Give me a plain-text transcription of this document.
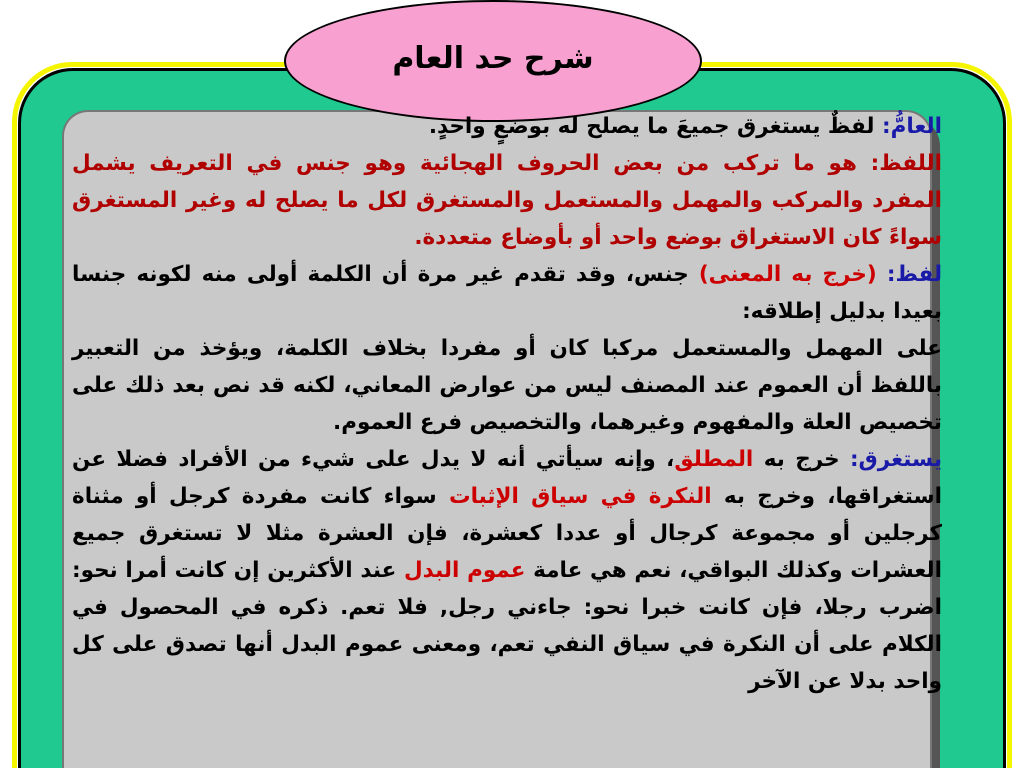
شرح حد العام

العامُّ: لفظٌ يستغرق جميعَ ما يصلح له بوضعٍ واحدٍ.

اللفظ: هو ما تركب من بعض الحروف الهجائية وهو جنس في التعريف يشمل المفرد والمركب والمهمل والمستعمل والمستغرق لكل ما يصلح له وغير المستغرق سواءً كان الاستغراق بوضع واحد أو بأوضاع متعددة.

لفظ: (خرج به المعنى) جنس، وقد تقدم غير مرة أن الكلمة أولى منه لكونه جنسا بعيدا بدليل إطلاقه:

على المهمل والمستعمل مركبا كان أو مفردا بخلاف الكلمة، ويؤخذ من التعبير باللفظ أن العموم عند المصنف ليس من عوارض المعاني، لكنه قد نص بعد ذلك على تخصيص العلة والمفهوم وغيرهما، والتخصيص فرع العموم.

يستغرق: خرج به المطلق، وإنه سيأتي أنه لا يدل على شيء من الأفراد فضلا عن استغراقها، وخرج به النكرة في سياق الإثبات سواء كانت مفردة كرجل أو مثناة كرجلين أو مجموعة كرجال أو عددا كعشرة، فإن العشرة مثلا لا تستغرق جميع العشرات وكذلك البواقي، نعم هي عامة عموم البدل عند الأكثرين إن كانت أمرا نحو: اضرب رجلا، فإن كانت خبرا نحو: جاءني رجل, فلا تعم. ذكره في المحصول في الكلام على أن النكرة في سياق النفي تعم، ومعنى عموم البدل أنها تصدق على كل واحد بدلا عن الآخر
